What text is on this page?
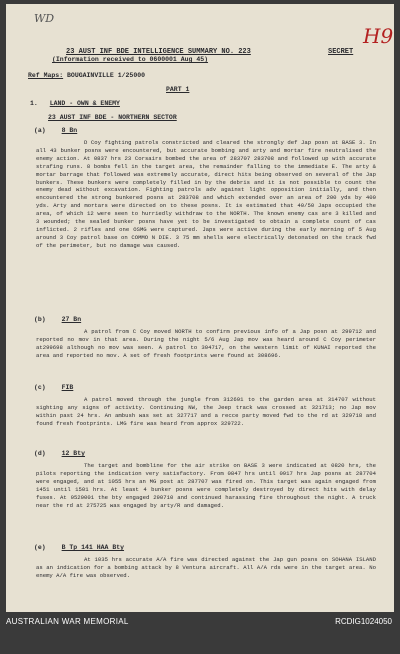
WD
H9
SECRET
23 AUST INF BDE INTELLIGENCE SUMMARY NO. 223
(Information received to 0600001 Aug 45)
Ref Maps: BOUGAINVILLE 1/25000
PART 1
1. LAND - OWN & ENEMY
23 AUST INF BDE - NORTHERN SECTOR
(a) 8 Bn

D Coy fighting patrols constricted and cleared the strongly def Jap posn at BASE 3. In all 43 bunker posns were encountered, but accurate bombing and arty and mortar fire neutralised the enemy action. At 0837 hrs 23 Corsairs bombed the area of 283707 283708 and followed up with accurate strafing runs. 8 bombs fell in the target area, the remainder falling to the immediate E. The arty & mortar barrage that followed was extremely accurate, direct hits being observed on several of the Jap bunkers. These bunkers were completely filled in by the debris and it is not possible to count the enemy dead without excavation. Fighting patrols adv against light opposition initially, and then encountered the strong bunkered posns at 283708 and which extended over an area of 200 yds by 400 yds. Arty and mortars were directed on to these posns. It is estimated that 40/50 Japs occupied the area, of which 12 were seen to hurriedly withdraw to the NORTH. The known enemy cas are 3 killed and 3 wounded; the sealed bunker posns have yet to be investigated to obtain a complete count of cas inflicted. 2 rifles and one OSMG were captured. Japs were active during the early morning of 5 Aug around 3 Coy patrol base on COMMO N DIE. 3 75 mm shells were electrically detonated on the track fwd of the perimeter, but no damage was caused.

(b) 27 Bn

A patrol from C Coy moved NORTH to confirm previous info of a Jap posn at 299712 and reported no mov in that area. During the night 5/6 Aug Jap mov was heard around C Coy perimeter at299698 although no mov was seen. A patrol to 304717, on the western limit of KUNAI reported the area and reported no mov. A set of fresh footprints were found at 308696.

(c) FIB

A patrol moved through the jungle from 312691 to the garden area at 314707 without sighting any signs of activity. Continuing NW, the Jeep track was crossed at 321713; no Jap mov within past 24 hrs. An ambush was set at 327717 and a recce party moved fwd to the rd at 329718 and found fresh footprints. LMG fire was heard from approx 329722.

(d) 12 Bty

The target and bombline for the air strike on BASE 3 were indicated at 0820 hrs, the pilots reporting the indication very satisfactory. From 0847 hrs until 0917 hrs Jap posns at 287704 were engaged, and at 1055 hrs an MG post at 287707 was fired on. This target was again engaged from 1451 until 1501 hrs. At least 4 bunker posns were completely destroyed by direct hits with delay fuses. At 0520001 the bty engaged 290710 and continued harassing fire throughout the night. A truck near the rd at 275725 was engaged by arty/R and damaged.

(e) B Tp 141 HAA Bty

At 1035 hrs accurate A/A fire was directed against the Jap gun posns on SOHANA ISLAND as an indication for a bombing attack by 8 Ventura aircraft. All A/A rds were in the target area. No enemy A/A fire was observed.

AUSTRALIAN WAR MEMORIAL	RCDIG1024050
